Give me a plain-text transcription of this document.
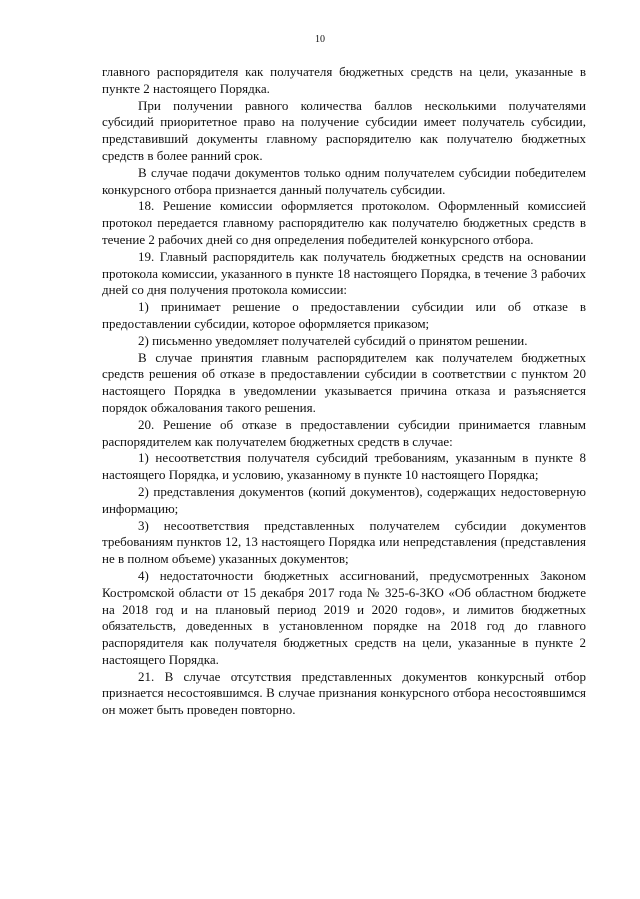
10

главного распорядителя как получателя бюджетных средств на цели, указанные в пункте 2 настоящего Порядка.

При получении равного количества баллов несколькими получателями субсидий приоритетное право на получение субсидии имеет получатель субсидии, представивший документы главному распорядителю как получателю бюджетных средств в более ранний срок.

В случае подачи документов только одним получателем субсидии победителем конкурсного отбора признается данный получатель субсидии.

18. Решение комиссии оформляется протоколом. Оформленный комиссией протокол передается главному распорядителю как получателю бюджетных средств в течение 2 рабочих дней со дня определения победителей конкурсного отбора.

19. Главный распорядитель как получатель бюджетных средств на основании протокола комиссии, указанного в пункте 18 настоящего Порядка, в течение 3 рабочих дней со дня получения протокола комиссии:

1) принимает решение о предоставлении субсидии или об отказе в предоставлении субсидии, которое оформляется приказом;

2) письменно уведомляет получателей субсидий о принятом решении.

В случае принятия главным распорядителем как получателем бюджетных средств решения об отказе в предоставлении субсидии в соответствии с пунктом 20 настоящего Порядка в уведомлении указывается причина отказа и разъясняется порядок обжалования такого решения.

20. Решение об отказе в предоставлении субсидии принимается главным распорядителем как получателем бюджетных средств в случае:

1) несоответствия получателя субсидий требованиям, указанным в пункте 8 настоящего Порядка, и условию, указанному в пункте 10 настоящего Порядка;

2) представления документов (копий документов), содержащих недостоверную информацию;

3) несоответствия представленных получателем субсидии документов требованиям пунктов 12, 13 настоящего Порядка или непредставления (представления не в полном объеме) указанных документов;

4) недостаточности бюджетных ассигнований, предусмотренных Законом Костромской области от 15 декабря 2017 года № 325-6-ЗКО «Об областном бюджете на 2018 год и на плановый период 2019 и 2020 годов», и лимитов бюджетных обязательств, доведенных в установленном порядке на 2018 год до главного распорядителя как получателя бюджетных средств на цели, указанные в пункте 2 настоящего Порядка.

21. В случае отсутствия представленных документов конкурсный отбор признается несостоявшимся. В случае признания конкурсного отбора несостоявшимся он может быть проведен повторно.
